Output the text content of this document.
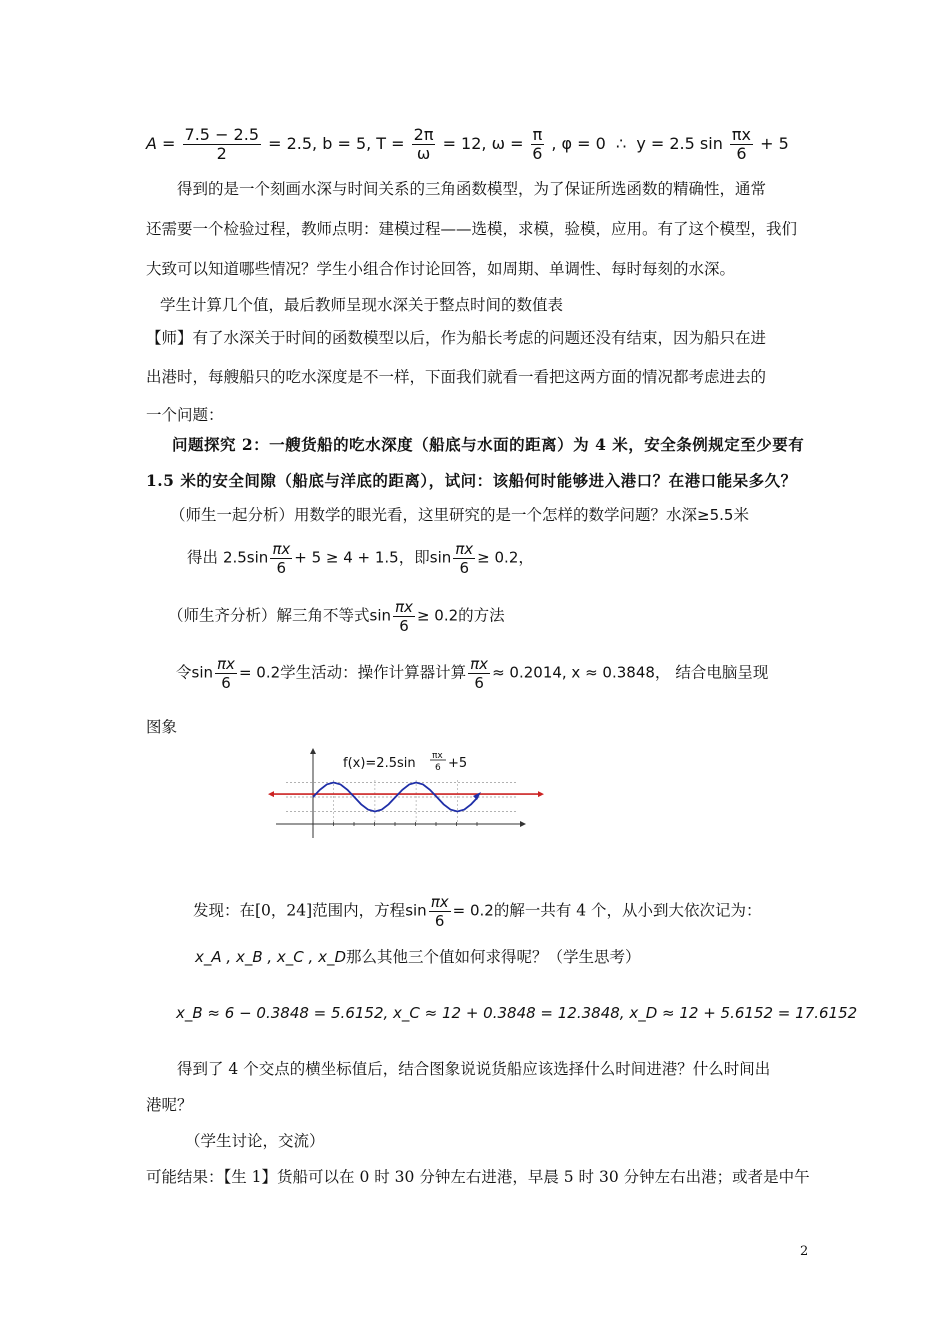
$A = \frac{7.5 - 2.5}{2} = 2.5$, b = 5, $T = \frac{2\pi}{\omega} = 12$, $\omega = \frac{\pi}{6}$ , φ = 0 ∴ y = 2.5 $\sin \frac{\pi x}{6} + 5$
得到的是一个刻画水深与时间关系的三角函数模型，为了保证所选函数的精确性，通常
还需要一个检验过程，教师点明：建模过程——选模，求模，验模，应用。有了这个模型，我们
大致可以知道哪些情况？学生小组合作讨论回答，如周期、单调性、每时每刻的水深。
学生计算几个值，最后教师呈现水深关于整点时间的数值表
【师】有了水深关于时间的函数模型以后，作为船长考虑的问题还没有结束，因为船只在进
出港时，每艘船只的吃水深度是不一样，下面我们就看一看把这两方面的情况都考虑进去的
一个问题：
问题探究 2：一艘货船的吃水深度（船底与水面的距离）为 4 米，安全条例规定至少要有
1.5 米的安全间隙（船底与洋底的距离），试问：该船何时能够进入港口？在港口能呆多久？
（师生一起分析）用数学的眼光看，这里研究的是一个怎样的数学问题？水深≥5.5米
得出 $2.5\sin \frac{\pi x}{6} + 5 \ge 4 + 1.5$，即$\sin \frac{\pi x}{6} \ge 0.2$，
（师生齐分析）解三角不等式$\sin \frac{\pi x}{6} \ge 0.2$的方法
令$\sin \frac{\pi x}{6} = 0.2$学生活动：操作计算器计算 $\frac{\pi x}{6} \approx 0.2014$, x ≈ 0.3848， 结合电脑呈现
图象
f(x)=2.5sin πx
6 +5
发现：在[0，24]范围内，方程$\sin \frac{\pi x}{6} = 0.2$的解一共有 4 个，从小到大依次记为：
x_A , x_B , x_C , x_D那么其他三个值如何求得呢？（学生思考）
x_B ≈ 6 − 0.3848 = 5.6152, x_C ≈ 12 + 0.3848 = 12.3848, x_D ≈ 12 + 5.6152 = 17.6152
得到了 4 个交点的横坐标值后，结合图象说说货船应该选择什么时间进港？什么时间出
港呢？
（学生讨论，交流）
可能结果：【生 1】货船可以在 0 时 30 分钟左右进港，早晨 5 时 30 分钟左右出港；或者是中午
2
